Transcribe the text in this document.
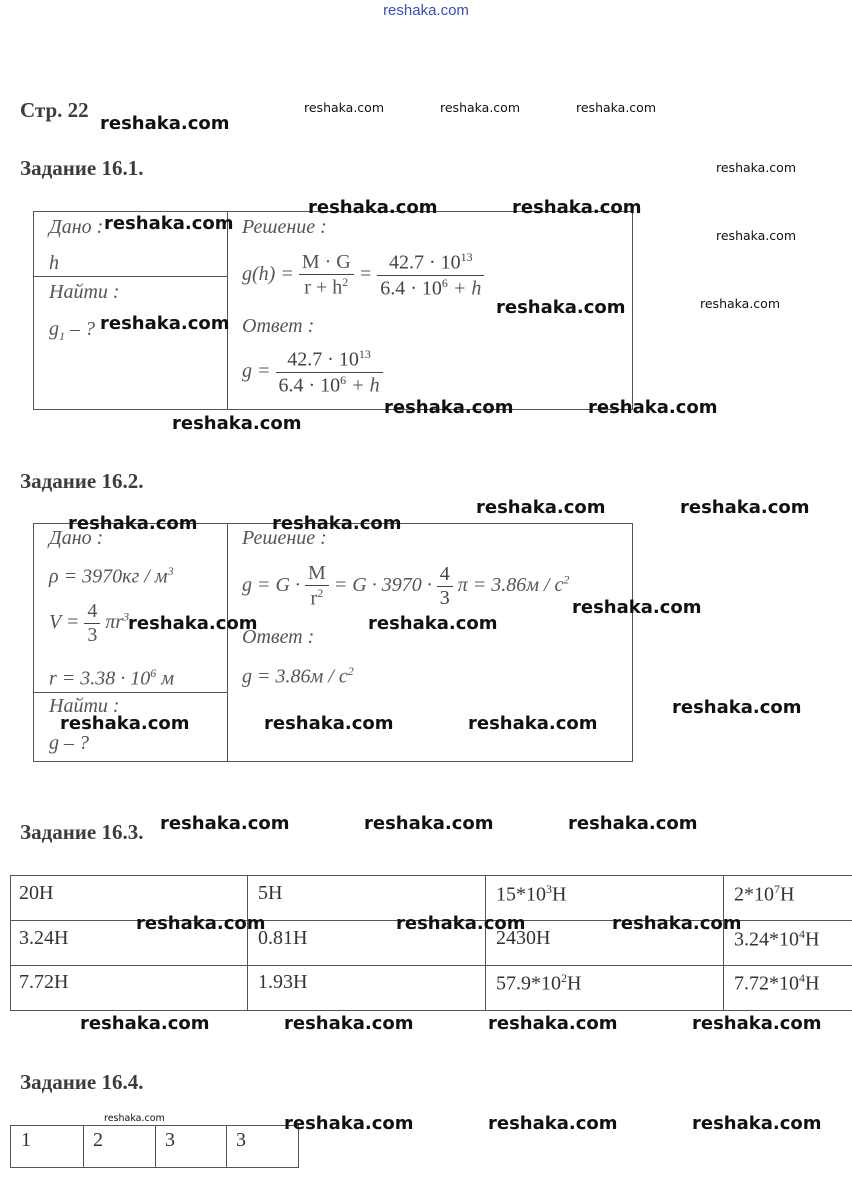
reshaka.com
Стр. 22
Задание 16.1.
Дано :
h
Найти :
$g_1$ – ?
Решение :
$g(h) = \frac{M \cdot G}{r + h^2} = \frac{42.7 \cdot 10^{13}}{6.4 \cdot 10^6 + h}$
Ответ :
$g = \frac{42.7 \cdot 10^{13}}{6.4 \cdot 10^6 + h}$
Задание 16.2.
Дано :
$\rho = 3970кг / м^3$
$V = \frac{4}{3} \pi r^3$
$r = 3.38 \cdot 10^6$ м
Найти :
g – ?
Решение :
$g = G \cdot \frac{M}{r^2} = G \cdot 3970 \cdot \frac{4}{3}$ $\pi = 3.86м / с^2$
Ответ :
$g = 3.86м / с^2$
Задание 16.3.
20Н	5Н	$15*10^3Н$	$2*10^7Н$
3.24Н	0.81Н	2430Н	$3.24*10^4Н$
7.72Н	1.93Н	$57.9*10^2Н$	$7.72*10^4Н$
Задание 16.4.
1	2	3	3
reshaka.com
reshaka.com	reshaka.com	reshaka.com
reshaka.com
reshaka.com	reshaka.com
reshaka.com
reshaka.com
reshaka.com
reshaka.com
reshaka.com
reshaka.com	reshaka.com
reshaka.com
reshaka.com	reshaka.com
reshaka.com	reshaka.com
reshaka.com
reshaka.com	reshaka.com
reshaka.com
reshaka.com	reshaka.com	reshaka.com
reshaka.com	reshaka.com	reshaka.com
reshaka.com	reshaka.com	reshaka.com
reshaka.com	reshaka.com	reshaka.com	reshaka.com
reshaka.com	reshaka.com	reshaka.com	reshaka.com
